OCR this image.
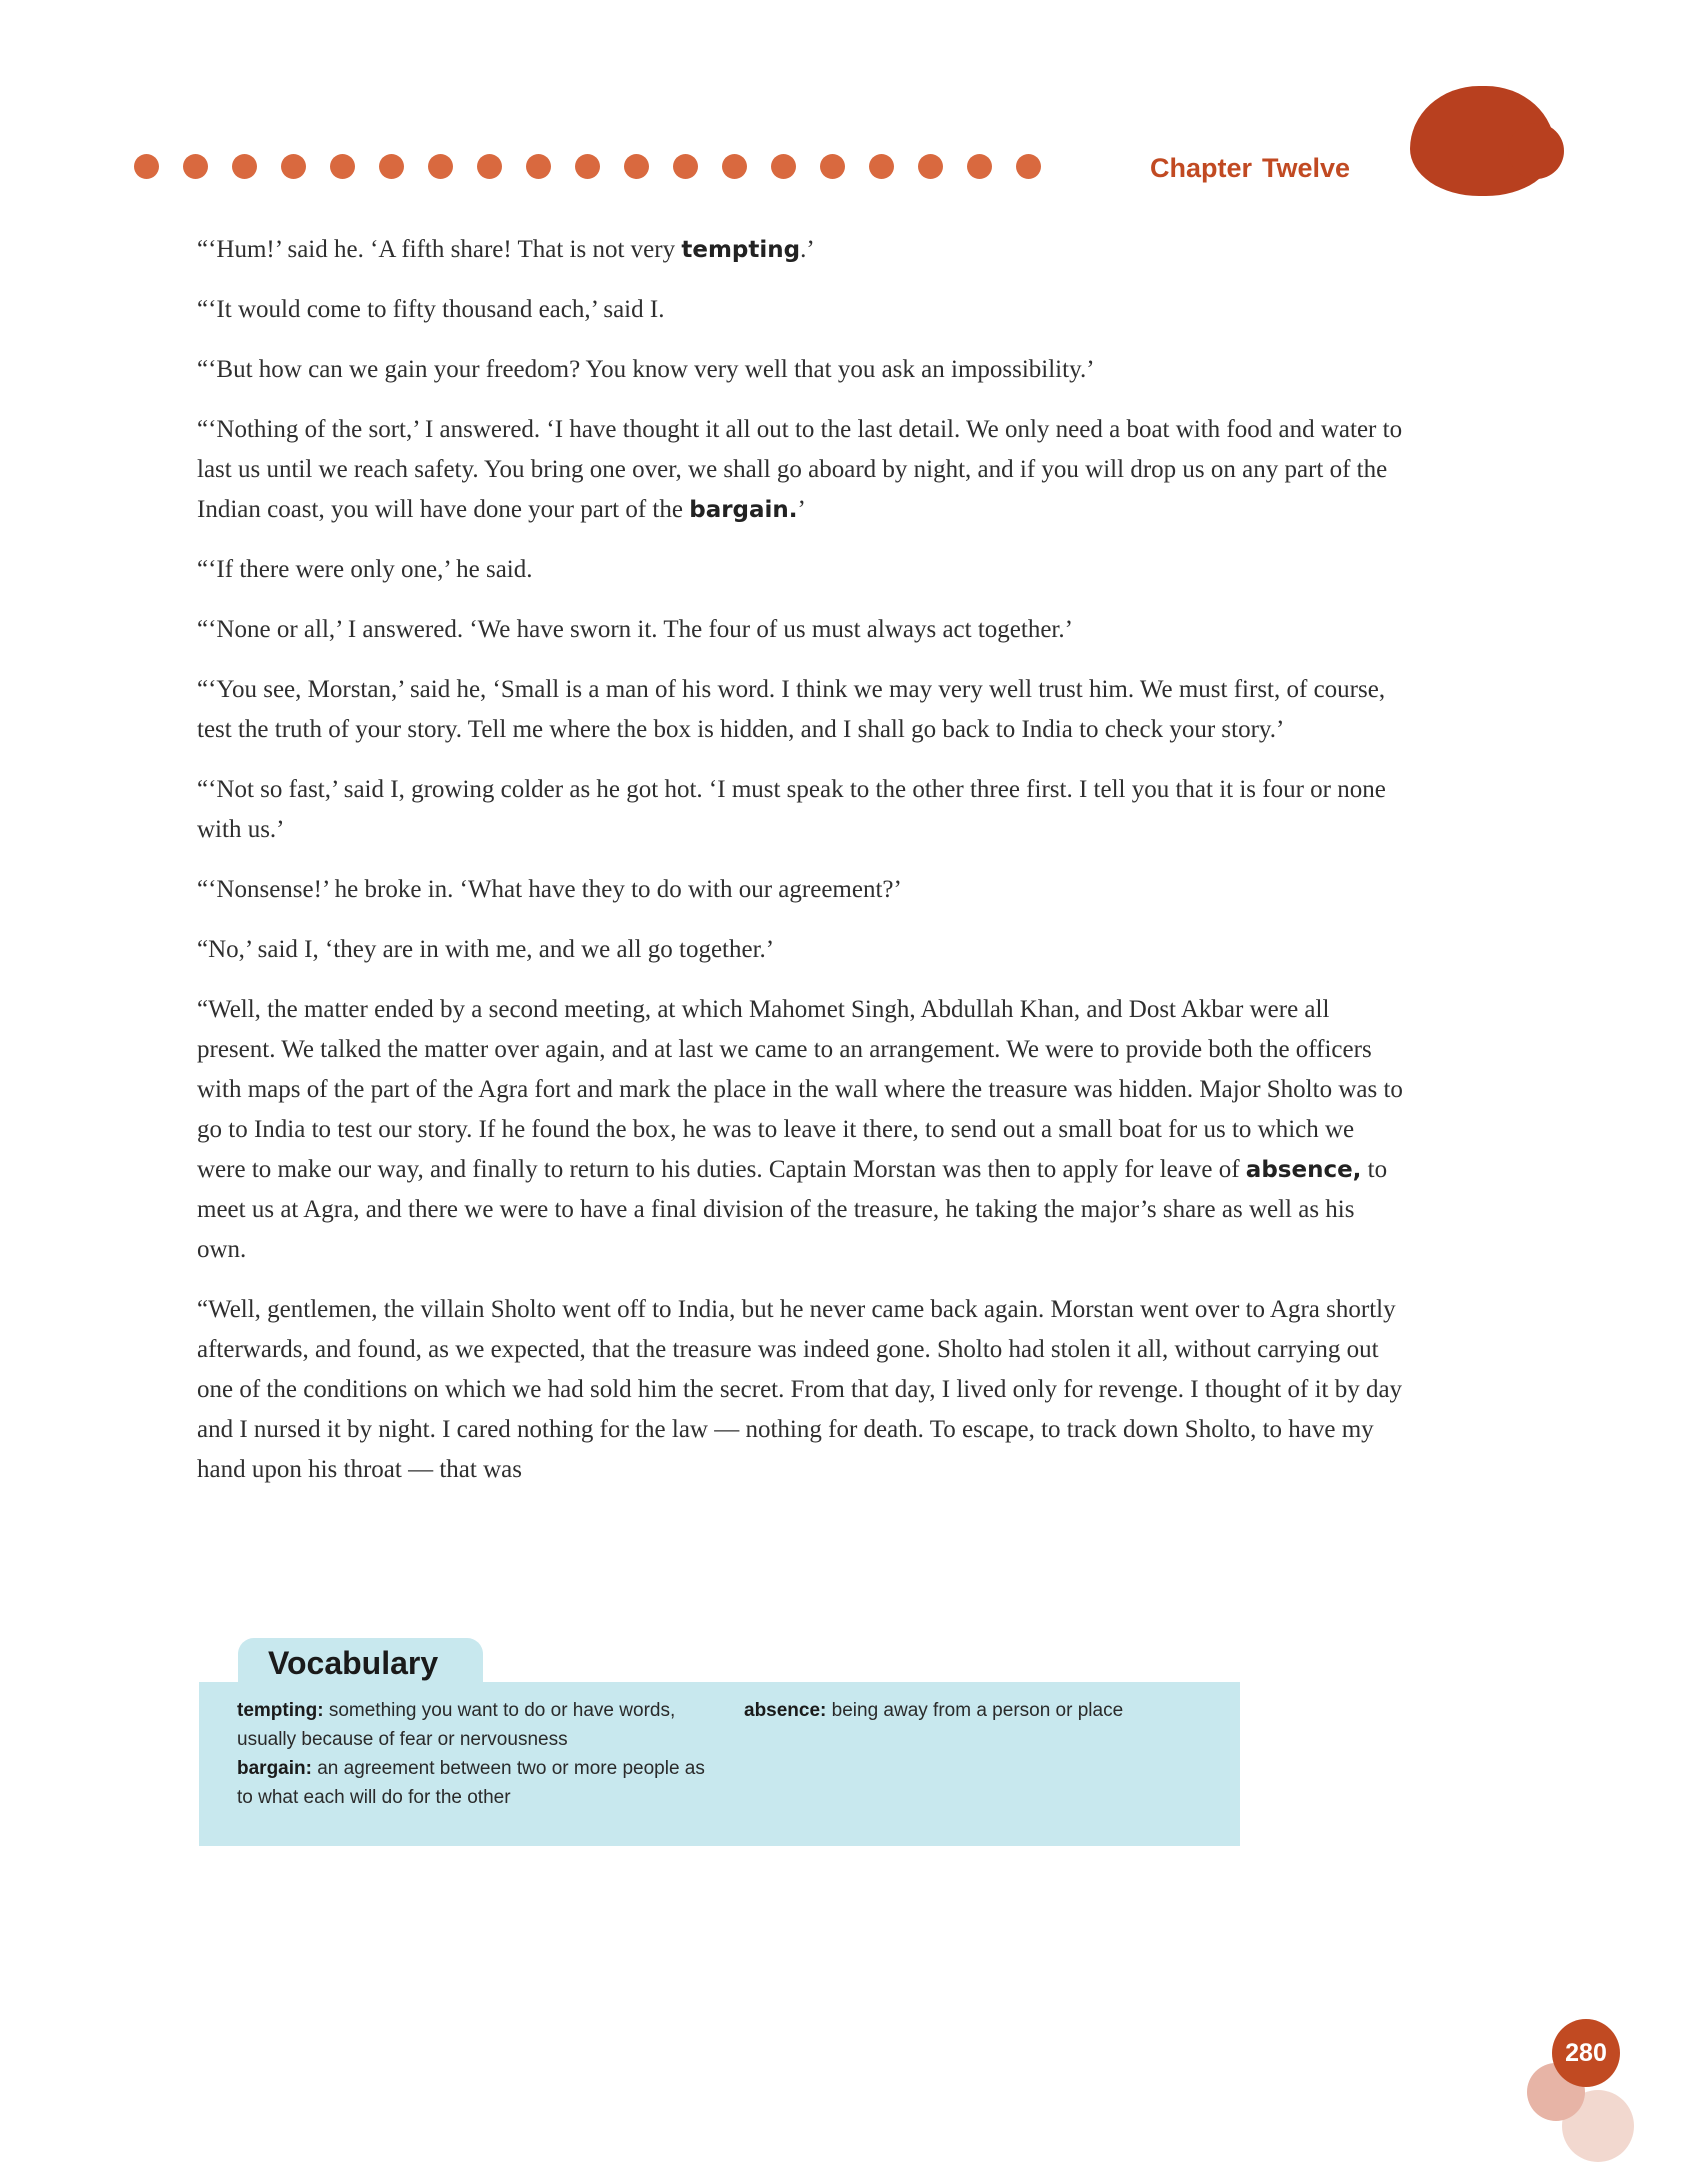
Chapter Twelve

“‘Hum!’ said he. ‘A fifth share! That is not very tempting.’

“‘It would come to fifty thousand each,’ said I.

“‘But how can we gain your freedom? You know very well that you ask an impossibility.’

“‘Nothing of the sort,’ I answered. ‘I have thought it all out to the last detail. We only need a boat with food and water to last us until we reach safety. You bring one over, we shall go aboard by night, and if you will drop us on any part of the Indian coast, you will have done your part of the bargain.’

“‘If there were only one,’ he said.

“‘None or all,’ I answered. ‘We have sworn it. The four of us must always act together.’

“‘You see, Morstan,’ said he, ‘Small is a man of his word. I think we may very well trust him. We must first, of course, test the truth of your story. Tell me where the box is hidden, and I shall go back to India to check your story.’

“‘Not so fast,’ said I, growing colder as he got hot. ‘I must speak to the other three first. I tell you that it is four or none with us.’

“‘Nonsense!’ he broke in. ‘What have they to do with our agreement?’

“No,’ said I, ‘they are in with me, and we all go together.’

“Well, the matter ended by a second meeting, at which Mahomet Singh, Abdullah Khan, and Dost Akbar were all present. We talked the matter over again, and at last we came to an arrangement. We were to provide both the officers with maps of the part of the Agra fort and mark the place in the wall where the treasure was hidden. Major Sholto was to go to India to test our story. If he found the box, he was to leave it there, to send out a small boat for us to which we were to make our way, and finally to return to his duties. Captain Morstan was then to apply for leave of absence, to meet us at Agra, and there we were to have a final division of the treasure, he taking the major’s share as well as his own.

“Well, gentlemen, the villain Sholto went off to India, but he never came back again. Morstan went over to Agra shortly afterwards, and found, as we expected, that the treasure was indeed gone. Sholto had stolen it all, without carrying out one of the conditions on which we had sold him the secret. From that day, I lived only for revenge. I thought of it by day and I nursed it by night. I cared nothing for the law — nothing for death. To escape, to track down Sholto, to have my hand upon his throat — that was

Vocabulary

tempting: something you want to do or have words, usually because of fear or nervousness

bargain: an agreement between two or more people as to what each will do for the other

absence: being away from a person or place

280
